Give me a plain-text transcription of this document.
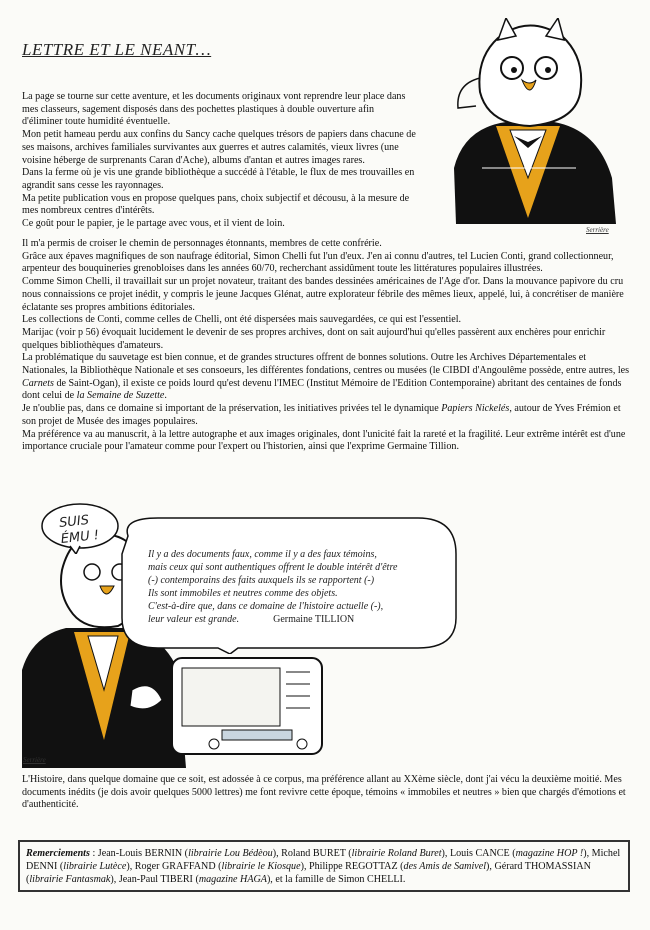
LETTRE ET LE NEANT…
La page se tourne sur cette aventure, et les documents originaux vont reprendre leur place dans mes classeurs, sagement disposés dans des pochettes plastiques à double ouverture afin d'éliminer toute humidité éventuelle.
Mon petit hameau perdu aux confins du Sancy cache quelques trésors de papiers dans chacune de ses maisons, archives familiales survivantes aux guerres et autres calamités, vieux livres (une voisine héberge de surprenants Caran d'Ache), albums d'antan et autres images rares.
Dans la ferme où je vis une grande bibliothèque a succédé à l'étable, le flux de mes trouvailles en agrandit sans cesse les rayonnages.
Ma petite publication vous en propose quelques pans, choix subjectif et décousu, à la mesure de mes nombreux centres d'intérêts.
Ce goût pour le papier, je le partage avec vous, et il vient de loin.
Serrière
Il m'a permis de croiser le chemin de personnages étonnants, membres de cette confrérie.
Grâce aux épaves magnifiques de son naufrage éditorial, Simon Chelli fut l'un d'eux. J'en ai connu d'autres, tel Lucien Conti, grand collectionneur, arpenteur des bouquineries grenobloises dans les années 60/70, recherchant assidûment toute les littératures populaires illustrées.
Comme Simon Chelli, il travaillait sur un projet novateur, traitant des bandes dessinées américaines de l'Age d'or. Dans la mouvance papivore du cru nous connaissions ce projet inédit, y compris le jeune Jacques Glénat, autre explorateur fébrile des mêmes lieux, appelé, lui, à concrétiser de manière éclatante ses propres ambitions éditoriales.
Les collections de Conti, comme celles de Chelli, ont été dispersées mais sauvegardées, ce qui est l'essentiel.
Marijac (voir p 56) évoquait lucidement le devenir de ses propres archives, dont on sait aujourd'hui qu'elles passèrent aux enchères pour enrichir quelques bibliothèques d'amateurs.
La problématique du sauvetage est bien connue, et de grandes structures offrent de bonnes solutions. Outre les Archives Départementales et Nationales, la Bibliothèque Nationale et ses consoeurs, les différentes fondations, centres ou musées (le CIBDI d'Angoulême possède, entre autres, les Carnets de Saint-Ogan), il existe ce poids lourd qu'est devenu l'IMEC (Institut Mémoire de l'Edition Contemporaine) abritant des centaines de fonds dont celui de la Semaine de Suzette.
Je n'oublie pas, dans ce domaine si important de la préservation, les initiatives privées tel le dynamique Papiers Nickelés, autour de Yves Frémion et son projet de Musée des images populaires.
Ma préférence va au manuscrit, à la lettre autographe et aux images originales, dont l'unicité fait la rareté et la fragilité. Leur extrême intérêt est d'une importance cruciale pour l'amateur comme pour l'expert ou l'historien, ainsi que l'exprime Germaine Tillion.
Il y a des documents faux, comme il y a des faux témoins,
mais ceux qui sont authentiques offrent le double intérêt d'être
(-) contemporains des faits auxquels ils se rapportent (-)
Ils sont immobiles et neutres comme des objets.
C'est-à-dire que, dans ce domaine de l'histoire actuelle (-),
leur valeur est grande.	Germaine TILLION
SUIS
ÉMU !
Serrière
L'Histoire, dans quelque domaine que ce soit, est adossée à ce corpus, ma préférence allant au XXème siècle, dont j'ai vécu la deuxième moitié. Mes documents inédits (je dois avoir quelques 5000 lettres) me font revivre cette époque, témoins « immobiles et neutres » bien que chargés d'émotions et d'authenticité.
Remerciements : Jean-Louis BERNIN (librairie Lou Bédèou), Roland BURET (librairie Roland Buret), Louis CANCE (magazine HOP !), Michel DENNI (librairie Lutèce), Roger GRAFFAND (librairie le Kiosque), Philippe REGOTTAZ (des Amis de Samivel), Gérard THOMASSIAN (librairie Fantasmak), Jean-Paul TIBERI (magazine HAGA), et la famille de Simon CHELLI.
